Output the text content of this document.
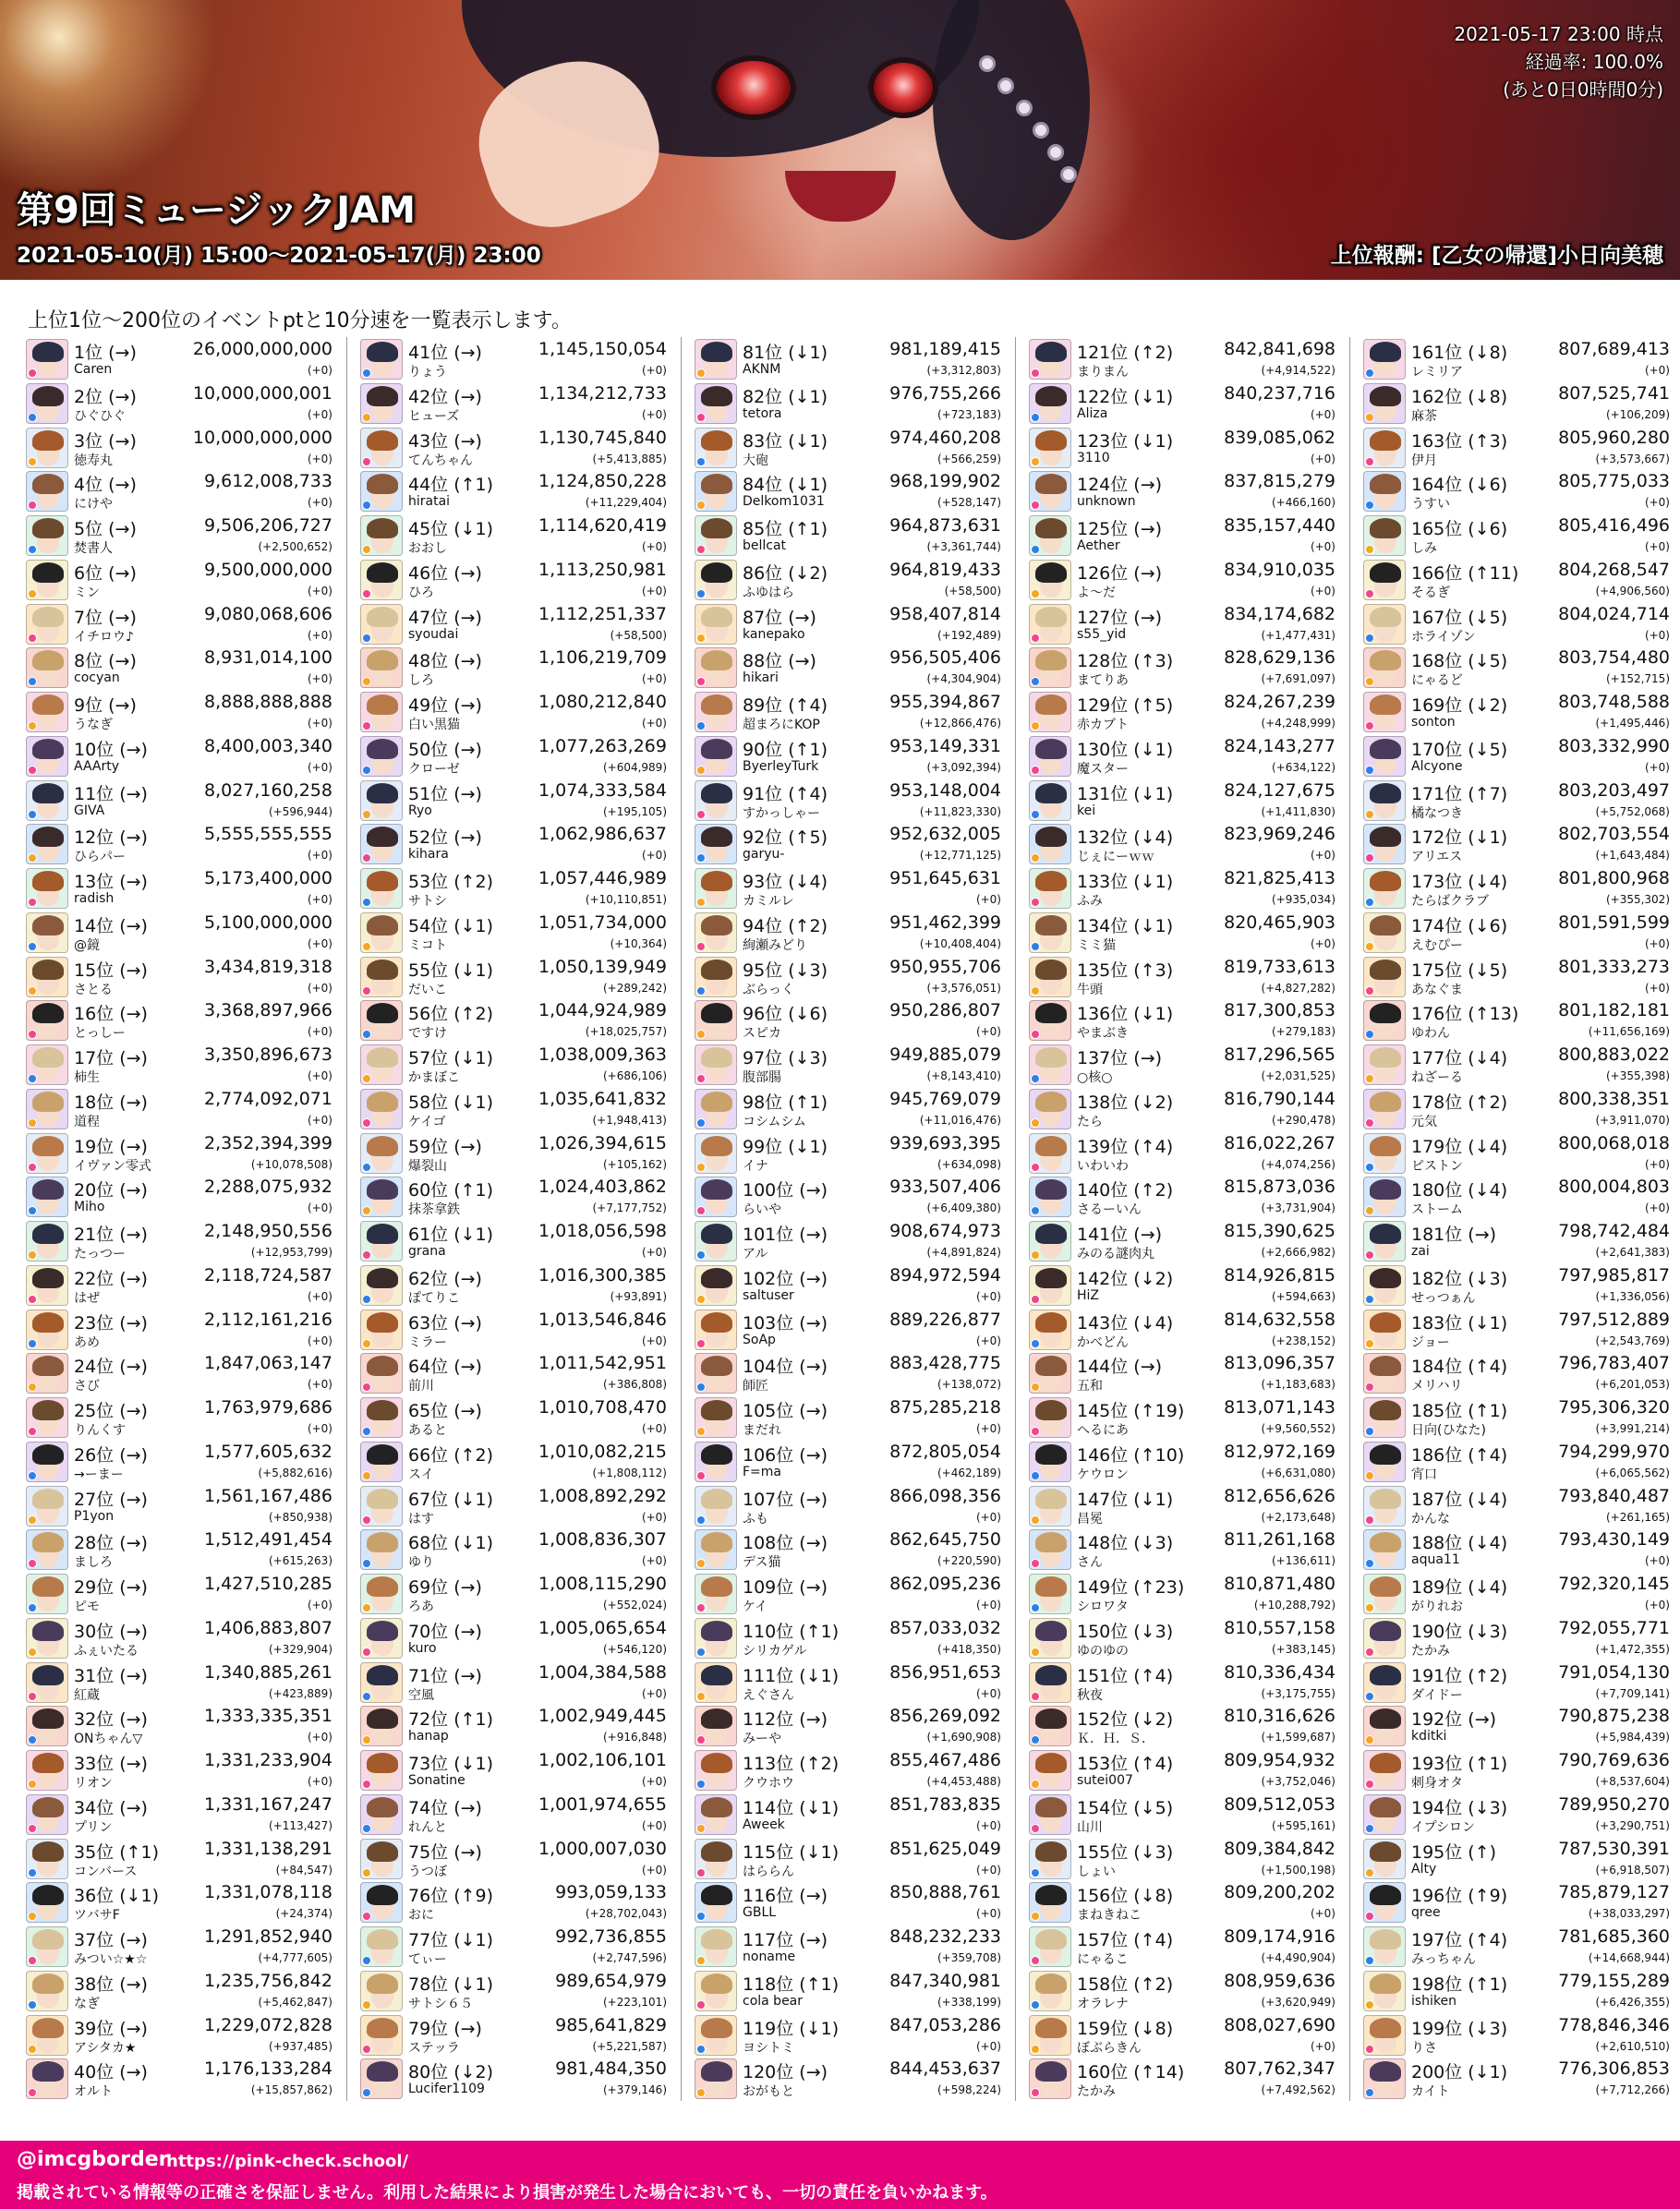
2021-05-17 23:00 時点
経過率: 100.0%
(あと0日0時間0分)
第9回ミュージックJAM
2021-05-10(月) 15:00～2021-05-17(月) 23:00	上位報酬: [乙女の帰還]小日向美穂
上位1位～200位のイベントptと10分速を一覧表示します。
1位 (→)	26,000,000,000
Caren	(+0)
2位 (→)	10,000,000,001
ひぐひぐ	(+0)
3位 (→)	10,000,000,000
徳寿丸	(+0)
4位 (→)	9,612,008,733
にけや	(+0)
5位 (→)	9,506,206,727
焚書人	(+2,500,652)
6位 (→)	9,500,000,000
ミン	(+0)
7位 (→)	9,080,068,606
イチロウ♪	(+0)
8位 (→)	8,931,014,100
cocyan	(+0)
9位 (→)	8,888,888,888
うなぎ	(+0)
10位 (→)	8,400,003,340
AAArty	(+0)
11位 (→)	8,027,160,258
GIVA	(+596,944)
12位 (→)	5,555,555,555
ひらパー	(+0)
13位 (→)	5,173,400,000
radish	(+0)
14位 (→)	5,100,000,000
@鏡	(+0)
15位 (→)	3,434,819,318
さとる	(+0)
16位 (→)	3,368,897,966
とっしー	(+0)
17位 (→)	3,350,896,673
柿生	(+0)
18位 (→)	2,774,092,071
道程	(+0)
19位 (→)	2,352,394,399
イヴァン零式	(+10,078,508)
20位 (→)	2,288,075,932
Miho	(+0)
21位 (→)	2,148,950,556
たっつー	(+12,953,799)
22位 (→)	2,118,724,587
はぜ	(+0)
23位 (→)	2,112,161,216
あめ	(+0)
24位 (→)	1,847,063,147
さび	(+0)
25位 (→)	1,763,979,686
りんくす	(+0)
26位 (→)	1,577,605,632
→ーまー	(+5,882,616)
27位 (→)	1,561,167,486
P1yon	(+850,938)
28位 (→)	1,512,491,454
ましろ	(+615,263)
29位 (→)	1,427,510,285
ピモ	(+0)
30位 (→)	1,406,883,807
ふぇいたる	(+329,904)
31位 (→)	1,340,885,261
紅蔵	(+423,889)
32位 (→)	1,333,335,351
ONちゃん▽	(+0)
33位 (→)	1,331,233,904
リオン	(+0)
34位 (→)	1,331,167,247
プリン	(+113,427)
35位 (↑1)	1,331,138,291
コンバース	(+84,547)
36位 (↓1)	1,331,078,118
ツバサF	(+24,374)
37位 (→)	1,291,852,940
みつい☆★☆	(+4,777,605)
38位 (→)	1,235,756,842
なぎ	(+5,462,847)
39位 (→)	1,229,072,828
アシタカ★	(+937,485)
40位 (→)	1,176,133,284
オルト	(+15,857,862)
41位 (→)	1,145,150,054
りょう	(+0)
42位 (→)	1,134,212,733
ヒューズ	(+0)
43位 (→)	1,130,745,840
てんちゃん	(+5,413,885)
44位 (↑1)	1,124,850,228
hiratai	(+11,229,404)
45位 (↓1)	1,114,620,419
おおし	(+0)
46位 (→)	1,113,250,981
ひろ	(+0)
47位 (→)	1,112,251,337
syoudai	(+58,500)
48位 (→)	1,106,219,709
しろ	(+0)
49位 (→)	1,080,212,840
白い黒猫	(+0)
50位 (→)	1,077,263,269
クローゼ	(+604,989)
51位 (→)	1,074,333,584
Ryo	(+195,105)
52位 (→)	1,062,986,637
kihara	(+0)
53位 (↑2)	1,057,446,989
サトシ	(+10,110,851)
54位 (↓1)	1,051,734,000
ミコト	(+10,364)
55位 (↓1)	1,050,139,949
だいこ	(+289,242)
56位 (↑2)	1,044,924,989
ですけ	(+18,025,757)
57位 (↓1)	1,038,009,363
かまぼこ	(+686,106)
58位 (↓1)	1,035,641,832
ケイゴ	(+1,948,413)
59位 (→)	1,026,394,615
爆裂山	(+105,162)
60位 (↑1)	1,024,403,862
抹茶拿鉄	(+7,177,752)
61位 (↓1)	1,018,056,598
grana	(+0)
62位 (→)	1,016,300,385
ぽてりこ	(+93,891)
63位 (→)	1,013,546,846
ミラー	(+0)
64位 (→)	1,011,542,951
前川	(+386,808)
65位 (→)	1,010,708,470
あると	(+0)
66位 (↑2)	1,010,082,215
スイ	(+1,808,112)
67位 (↓1)	1,008,892,292
はす	(+0)
68位 (↓1)	1,008,836,307
ゆり	(+0)
69位 (→)	1,008,115,290
ろあ	(+552,024)
70位 (→)	1,005,065,654
kuro	(+546,120)
71位 (→)	1,004,384,588
空風	(+0)
72位 (↑1)	1,002,949,445
hanap	(+916,848)
73位 (↓1)	1,002,106,101
Sonatine	(+0)
74位 (→)	1,001,974,655
れんと	(+0)
75位 (→)	1,000,007,030
うつぼ	(+0)
76位 (↑9)	993,059,133
おに	(+28,702,043)
77位 (↓1)	992,736,855
てぃー	(+2,747,596)
78位 (↓1)	989,654,979
サトシ６５	(+223,101)
79位 (→)	985,641,829
ステッラ	(+5,221,587)
80位 (↓2)	981,484,350
Lucifer1109	(+379,146)
81位 (↓1)	981,189,415
AKNM	(+3,312,803)
82位 (↓1)	976,755,266
tetora	(+723,183)
83位 (↓1)	974,460,208
大砲	(+566,259)
84位 (↓1)	968,199,902
Delkom1031	(+528,147)
85位 (↑1)	964,873,631
bellcat	(+3,361,744)
86位 (↓2)	964,819,433
ふゆはら	(+58,500)
87位 (→)	958,407,814
kanepako	(+192,489)
88位 (→)	956,505,406
hikari	(+4,304,904)
89位 (↑4)	955,394,867
超まろにKOP	(+12,866,476)
90位 (↑1)	953,149,331
ByerleyTurk	(+3,092,394)
91位 (↑4)	953,148,004
すかっしゃー	(+11,823,330)
92位 (↑5)	952,632,005
garyu-	(+12,771,125)
93位 (↓4)	951,645,631
カミルレ	(+0)
94位 (↑2)	951,462,399
絢瀬みどり	(+10,408,404)
95位 (↓3)	950,955,706
ぶらっく	(+3,576,051)
96位 (↓6)	950,286,807
スピカ	(+0)
97位 (↓3)	949,885,079
腹部腸	(+8,143,410)
98位 (↑1)	945,769,079
コシムシム	(+11,016,476)
99位 (↓1)	939,693,395
イナ	(+634,098)
100位 (→)	933,507,406
らいや	(+6,409,380)
101位 (→)	908,674,973
アル	(+4,891,824)
102位 (→)	894,972,594
saltuser	(+0)
103位 (→)	889,226,877
SoAp	(+0)
104位 (→)	883,428,775
師匠	(+138,072)
105位 (→)	875,285,218
まだれ	(+0)
106位 (→)	872,805,054
F=ma	(+462,189)
107位 (→)	866,098,356
ふも	(+0)
108位 (→)	862,645,750
デス猫	(+220,590)
109位 (→)	862,095,236
ケイ	(+0)
110位 (↑1)	857,033,032
シリカゲル	(+418,350)
111位 (↓1)	856,951,653
えぐさん	(+0)
112位 (→)	856,269,092
みーや	(+1,690,908)
113位 (↑2)	855,467,486
クウホウ	(+4,453,488)
114位 (↓1)	851,783,835
Aweek	(+0)
115位 (↓1)	851,625,049
はららん	(+0)
116位 (→)	850,888,761
GBLL	(+0)
117位 (→)	848,232,233
noname	(+359,708)
118位 (↑1)	847,340,981
cola bear	(+338,199)
119位 (↓1)	847,053,286
ヨシトミ	(+0)
120位 (→)	844,453,637
おがもと	(+598,224)
121位 (↑2)	842,841,698
まりまん	(+4,914,522)
122位 (↓1)	840,237,716
Aliza	(+0)
123位 (↓1)	839,085,062
3110	(+0)
124位 (→)	837,815,279
unknown	(+466,160)
125位 (→)	835,157,440
Aether	(+0)
126位 (→)	834,910,035
よ～だ	(+0)
127位 (→)	834,174,682
s55_yid	(+1,477,431)
128位 (↑3)	828,629,136
まてりあ	(+7,691,097)
129位 (↑5)	824,267,239
赤カブト	(+4,248,999)
130位 (↓1)	824,143,277
魔スター	(+634,122)
131位 (↓1)	824,127,675
kei	(+1,411,830)
132位 (↓4)	823,969,246
じぇにーｗｗ	(+0)
133位 (↓1)	821,825,413
ふみ	(+935,034)
134位 (↓1)	820,465,903
ミミ猫	(+0)
135位 (↑3)	819,733,613
牛頭	(+4,827,282)
136位 (↓1)	817,300,853
やまぶき	(+279,183)
137位 (→)	817,296,565
○核○	(+2,031,525)
138位 (↓2)	816,790,144
たら	(+290,478)
139位 (↑4)	816,022,267
いわいわ	(+4,074,256)
140位 (↑2)	815,873,036
さるーいん	(+3,731,904)
141位 (→)	815,390,625
みのる謎肉丸	(+2,666,982)
142位 (↓2)	814,926,815
HiZ	(+594,663)
143位 (↓4)	814,632,558
かべどん	(+238,152)
144位 (→)	813,096,357
五和	(+1,183,683)
145位 (↑19) 813,071,143
へるにあ	(+9,560,552)
146位 (↑10) 812,972,169
ケウロン	(+6,631,080)
147位 (↓1)	812,656,626
昌冕	(+2,173,648)
148位 (↓3)	811,261,168
さん	(+136,611)
149位 (↑23) 810,871,480
シロワタ	(+10,288,792)
150位 (↓3)	810,557,158
ゆのゆの	(+383,145)
151位 (↑4)	810,336,434
秋夜	(+3,175,755)
152位 (↓2)	810,316,626
Ｋ．Ｈ．Ｓ．	(+1,599,687)
153位 (↑4)	809,954,932
sutei007	(+3,752,046)
154位 (↓5)	809,512,053
山川	(+595,161)
155位 (↓3)	809,384,842
しょい	(+1,500,198)
156位 (↓8)	809,200,202
まねきねこ	(+0)
157位 (↑4)	809,174,916
にゃるこ	(+4,490,904)
158位 (↑2)	808,959,636
オラレナ	(+3,620,949)
159位 (↓8)	808,027,690
ぼぶらきん	(+0)
160位 (↑14) 807,762,347
たかみ	(+7,492,562)
161位 (↓8)	807,689,413
レミリア	(+0)
162位 (↓8)	807,525,741
麻茶	(+106,209)
163位 (↑3)	805,960,280
伊月	(+3,573,667)
164位 (↓6)	805,775,033
うすい	(+0)
165位 (↓6)	805,416,496
しみ	(+0)
166位 (↑11) 804,268,547
そるぎ	(+4,906,560)
167位 (↓5)	804,024,714
ホライゾン	(+0)
168位 (↓5)	803,754,480
にゃるど	(+152,715)
169位 (↓2)	803,748,588
sonton	(+1,495,446)
170位 (↓5)	803,332,990
Alcyone	(+0)
171位 (↑7)	803,203,497
橘なつき	(+5,752,068)
172位 (↓1)	802,703,554
アリエス	(+1,643,484)
173位 (↓4)	801,800,968
たらばクラブ	(+355,302)
174位 (↓6)	801,591,599
えむぴー	(+0)
175位 (↓5)	801,333,273
あなぐま	(+0)
176位 (↑13) 801,182,181
ゆわん	(+11,656,169)
177位 (↓4)	800,883,022
ねざーる	(+355,398)
178位 (↑2)	800,338,351
元気	(+3,911,070)
179位 (↓4)	800,068,018
ピストン	(+0)
180位 (↓4)	800,004,803
ストーム	(+0)
181位 (→)	798,742,484
zai	(+2,641,383)
182位 (↓3)	797,985,817
せっつぁん	(+1,336,056)
183位 (↓1)	797,512,889
ジョー	(+2,543,769)
184位 (↑4)	796,783,407
メリハリ	(+6,201,053)
185位 (↑1)	795,306,320
日向(ひなた)	(+3,991,214)
186位 (↑4)	794,299,970
宵口	(+6,065,562)
187位 (↓4)	793,840,487
かんな	(+261,165)
188位 (↓4)	793,430,149
aqua11	(+0)
189位 (↓4)	792,320,145
がりれお	(+0)
190位 (↓3)	792,055,771
たかみ	(+1,472,355)
191位 (↑2)	791,054,130
ダイドー	(+7,709,141)
192位 (→)	790,875,238
kditki	(+5,984,439)
193位 (↑1)	790,769,636
刺身オタ	(+8,537,604)
194位 (↓3)	789,950,270
イプシロン	(+3,290,751)
195位 (↑)	787,530,391
Alty	(+6,918,507)
196位 (↑9)	785,879,127
qree	(+38,033,297)
197位 (↑4)	781,685,360
みっちゃん	(+14,668,944)
198位 (↑1)	779,155,289
ishiken	(+6,426,355)
199位 (↓3)	778,846,346
りさ	(+2,610,510)
200位 (↓1)	776,306,853
カイト	(+7,712,266)
@imcgborder
https://pink-check.school/
掲載されている情報等の正確さを保証しません。利用した結果により損害が発生した場合においても、一切の責任を負いかねます。
